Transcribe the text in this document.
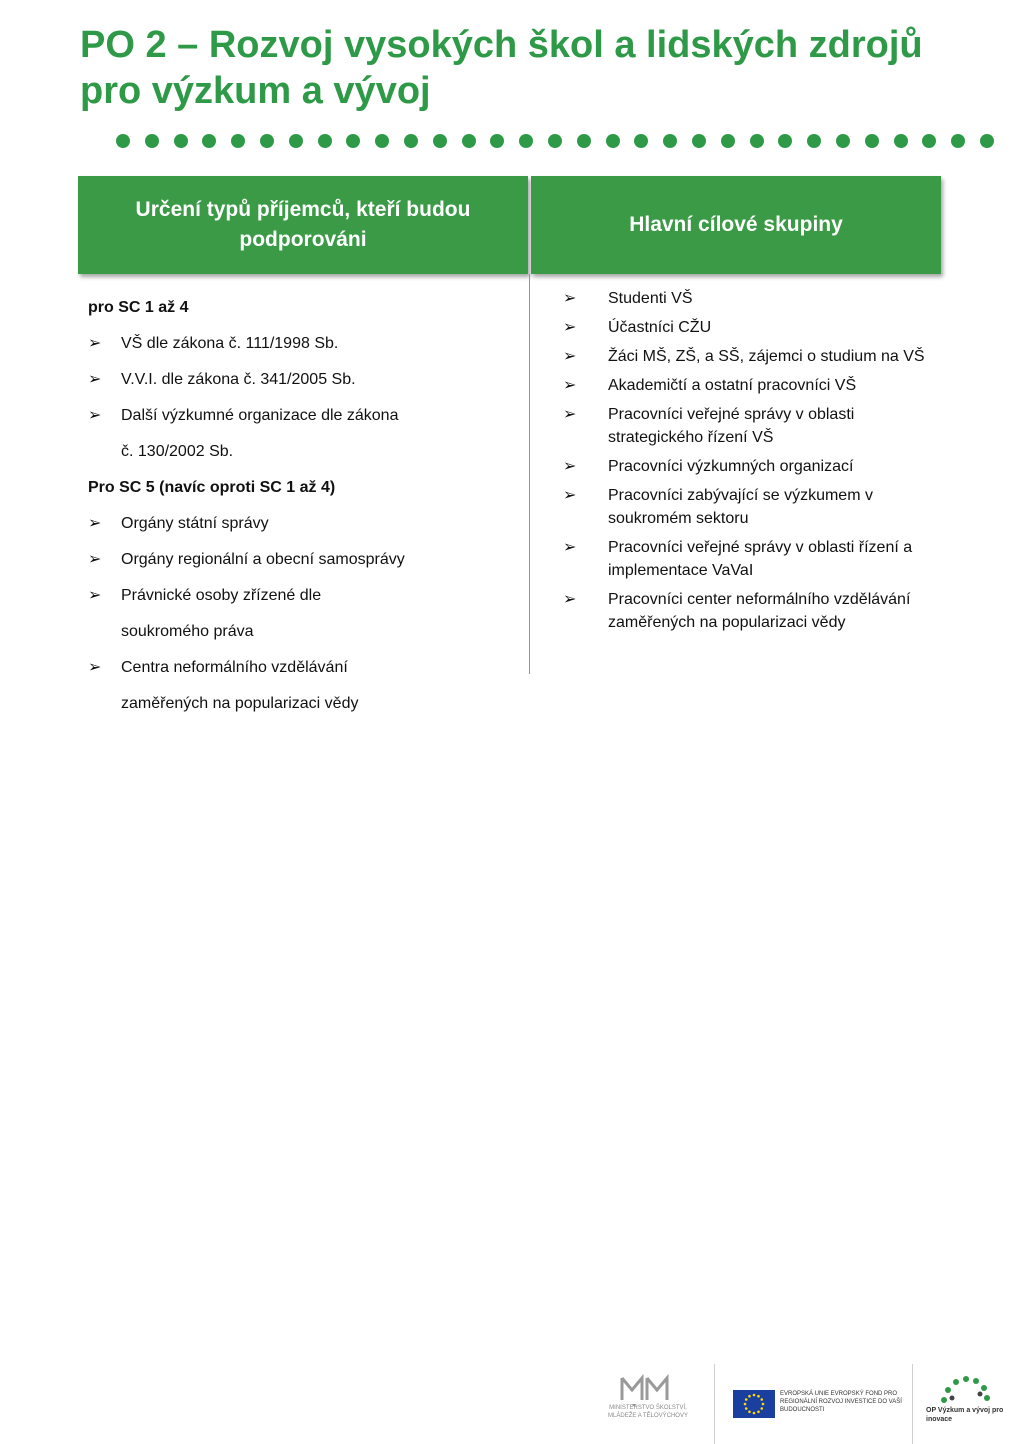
PO 2 – Rozvoj vysokých škol a lidských zdrojů pro výzkum a vývoj
Určení typů příjemců, kteří budou podporováni
Hlavní cílové skupiny
pro SC 1 až 4
➢ VŠ dle zákona č. 111/1998 Sb.
➢ V.V.I. dle zákona č. 341/2005 Sb.
➢ Další výzkumné organizace dle zákona
č. 130/2002 Sb.
Pro SC 5 (navíc oproti SC 1 až 4)
➢ Orgány státní správy
➢ Orgány regionální a obecní samosprávy
➢ Právnické osoby zřízené dle
soukromého práva
➢ Centra neformálního vzdělávání
zaměřených na popularizaci vědy
➢ Studenti VŠ
➢ Účastníci CŽU
➢ Žáci MŠ, ZŠ, a SŠ, zájemci o studium na VŠ
➢ Akademičtí a ostatní pracovníci VŠ
➢ Pracovníci veřejné správy v oblasti strategického řízení VŠ
➢ Pracovníci výzkumných organizací
➢ Pracovníci zabývající se výzkumem v soukromém sektoru
➢ Pracovníci veřejné správy v oblasti řízení a implementace VaVaI
➢ Pracovníci center neformálního vzdělávání zaměřených na popularizaci vědy
MINISTERSTVO ŠKOLSTVÍ, MLÁDEŽE A TĚLOVÝCHOVY
EVROPSKÁ UNIE EVROPSKÝ FOND PRO REGIONÁLNÍ ROZVOJ INVESTICE DO VAŠÍ BUDOUCNOSTI	OP Výzkum a vývoj pro inovace
